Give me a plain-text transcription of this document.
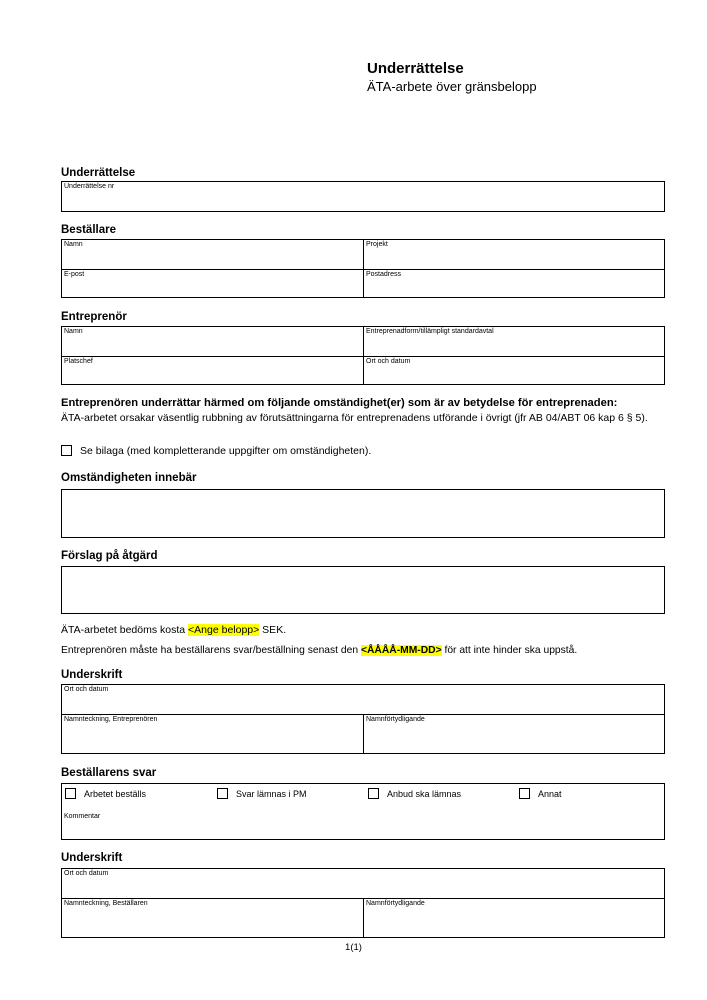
Underrättelse
ÄTA-arbete över gränsbelopp
Underrättelse
Underrättelse nr
Beställare
Namn	Projekt
E-post	Postadress
Entreprenör
Namn	Entreprenadform/tillämpligt standardavtal
Platschef	Ort och datum
Entreprenören underrättar härmed om följande omständighet(er) som är av betydelse för entreprenaden:
ÄTA-arbetet orsakar väsentlig rubbning av förutsättningarna för entreprenadens utförande i övrigt (jfr AB 04/ABT 06 kap 6 § 5).
Se bilaga (med kompletterande uppgifter om omständigheten).
Omständigheten innebär
Förslag på åtgärd
ÄTA-arbetet bedöms kosta <Ange belopp> SEK.
Entreprenören måste ha beställarens svar/beställning senast den <ÅÅÅÅ-MM-DD> för att inte hinder ska uppstå.
Underskrift
Ort och datum
Namnteckning, Entreprenören	Namnförtydligande
Beställarens svar
Arbetet beställs	Svar lämnas i PM	Anbud ska lämnas	Annat
Kommentar
Underskrift
Ort och datum
Namnteckning, Beställaren	Namnförtydligande
1(1)
